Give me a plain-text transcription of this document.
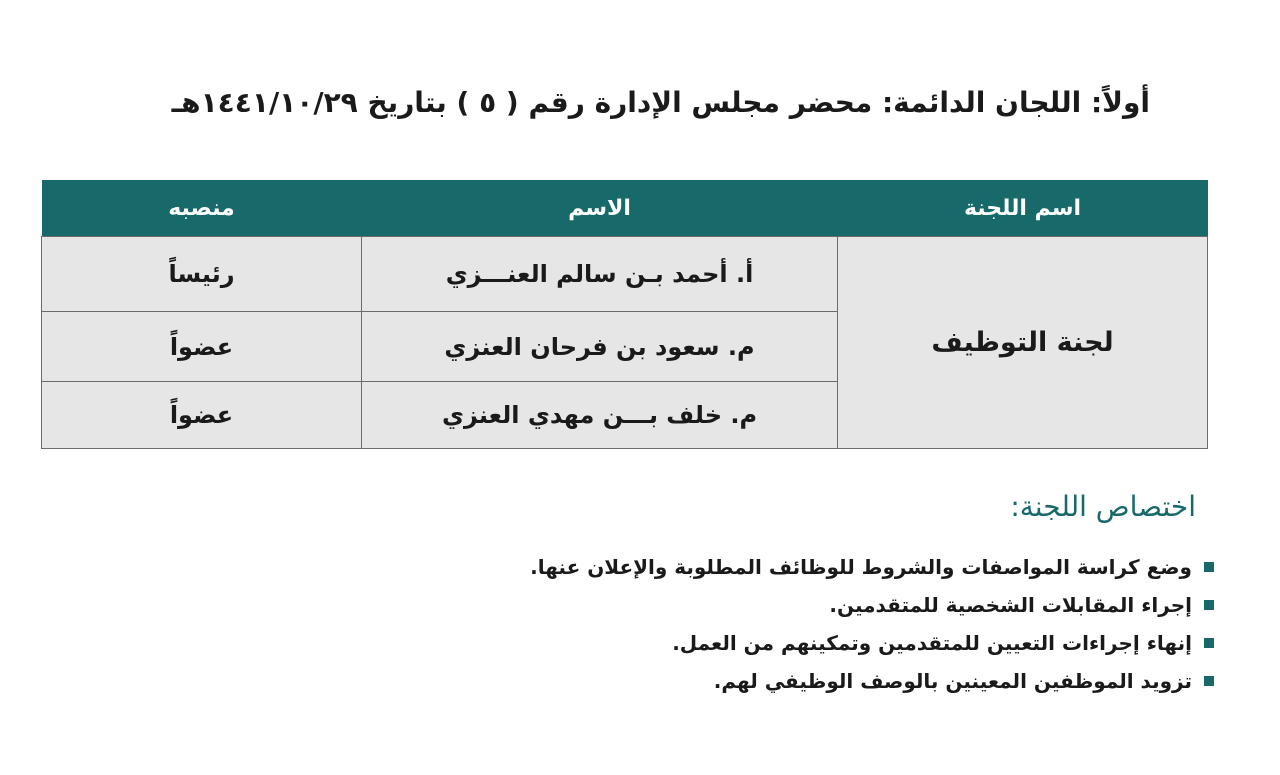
أولاً: اللجان الدائمة: محضر مجلس الإدارة رقم ( ٥ ) بتاريخ ١٤٤١/١٠/٢٩هـ
اسم اللجنة	الاسم	منصبه
لجنة التوظيف	أ. أحمد بـن سالم العنـــزي	رئيساً
	م. سعود بن فرحان العنزي	عضواً
	م. خلف بـــن مهدي العنزي	عضواً
اختصاص اللجنة:
وضع كراسة المواصفات والشروط للوظائف المطلوبة والإعلان عنها.
إجراء المقابلات الشخصية للمتقدمين.
إنهاء إجراءات التعيين للمتقدمين وتمكينهم من العمل.
تزويد الموظفين المعينين بالوصف الوظيفي لهم.
